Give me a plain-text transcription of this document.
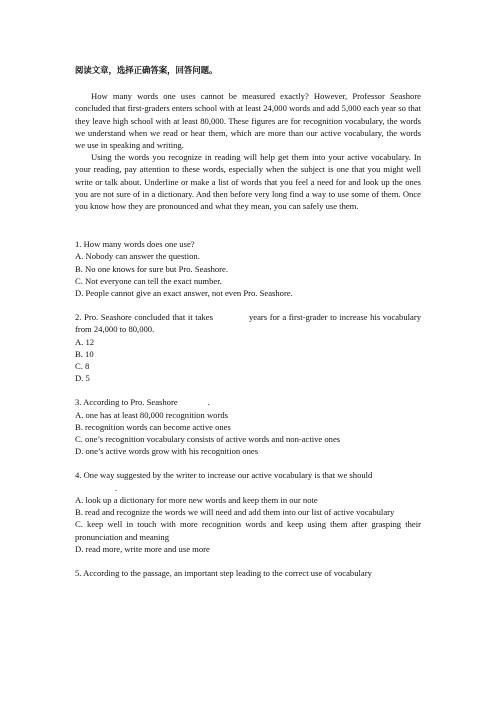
阅读文章，选择正确答案，回答问题。

How many words one uses cannot be measured exactly? However, Professor Seashore concluded that first-graders enters school with at least 24,000 words and add 5,000 each year so that they leave high school with at least 80,000. These figures are for recognition vocabulary, the words we understand when we read or hear them, which are more than our active vocabulary, the words we use in speaking and writing.

Using the words you recognize in reading will help get them into your active vocabulary. In your reading, pay attention to these words, especially when the subject is one that you might well write or talk about. Underline or make a list of words that you feel a need for and look up the ones you are not sure of in a dictionary. And then before very long find a way to use some of them. Once you know how they are pronounced and what they mean, you can safely use them.

1. How many words does one use?

A. Nobody can answer the question.

B. No one knows for sure but Pro. Seashore.

C. Not everyone can tell the exact number.

D. People cannot give an exact answer, not even Pro. Seashore.

2. Pro. Seashore concluded that it takes	years for a first-grader to increase his vocabulary from 24,000 to 80,000.

A. 12

B. 10

C. 8

D. 5

3. According to Pro. Seashore	.

A. one has at least 80,000 recognition words

B. recognition words can become active ones

C. one’s recognition vocabulary consists of active words and non-active ones

D. one’s active words grow with his recognition ones

4. One way suggested by the writer to increase our active vocabulary is that we should

.

A. look up a dictionary for more new words and keep them in our note

B. read and recognize the words we will need and add them into our list of active vocabulary

C. keep well in touch with more recognition words and keep using them after grasping their pronunciation and meaning

D. read more, write more and use more

5. According to the passage, an important step leading to the correct use of vocabulary
